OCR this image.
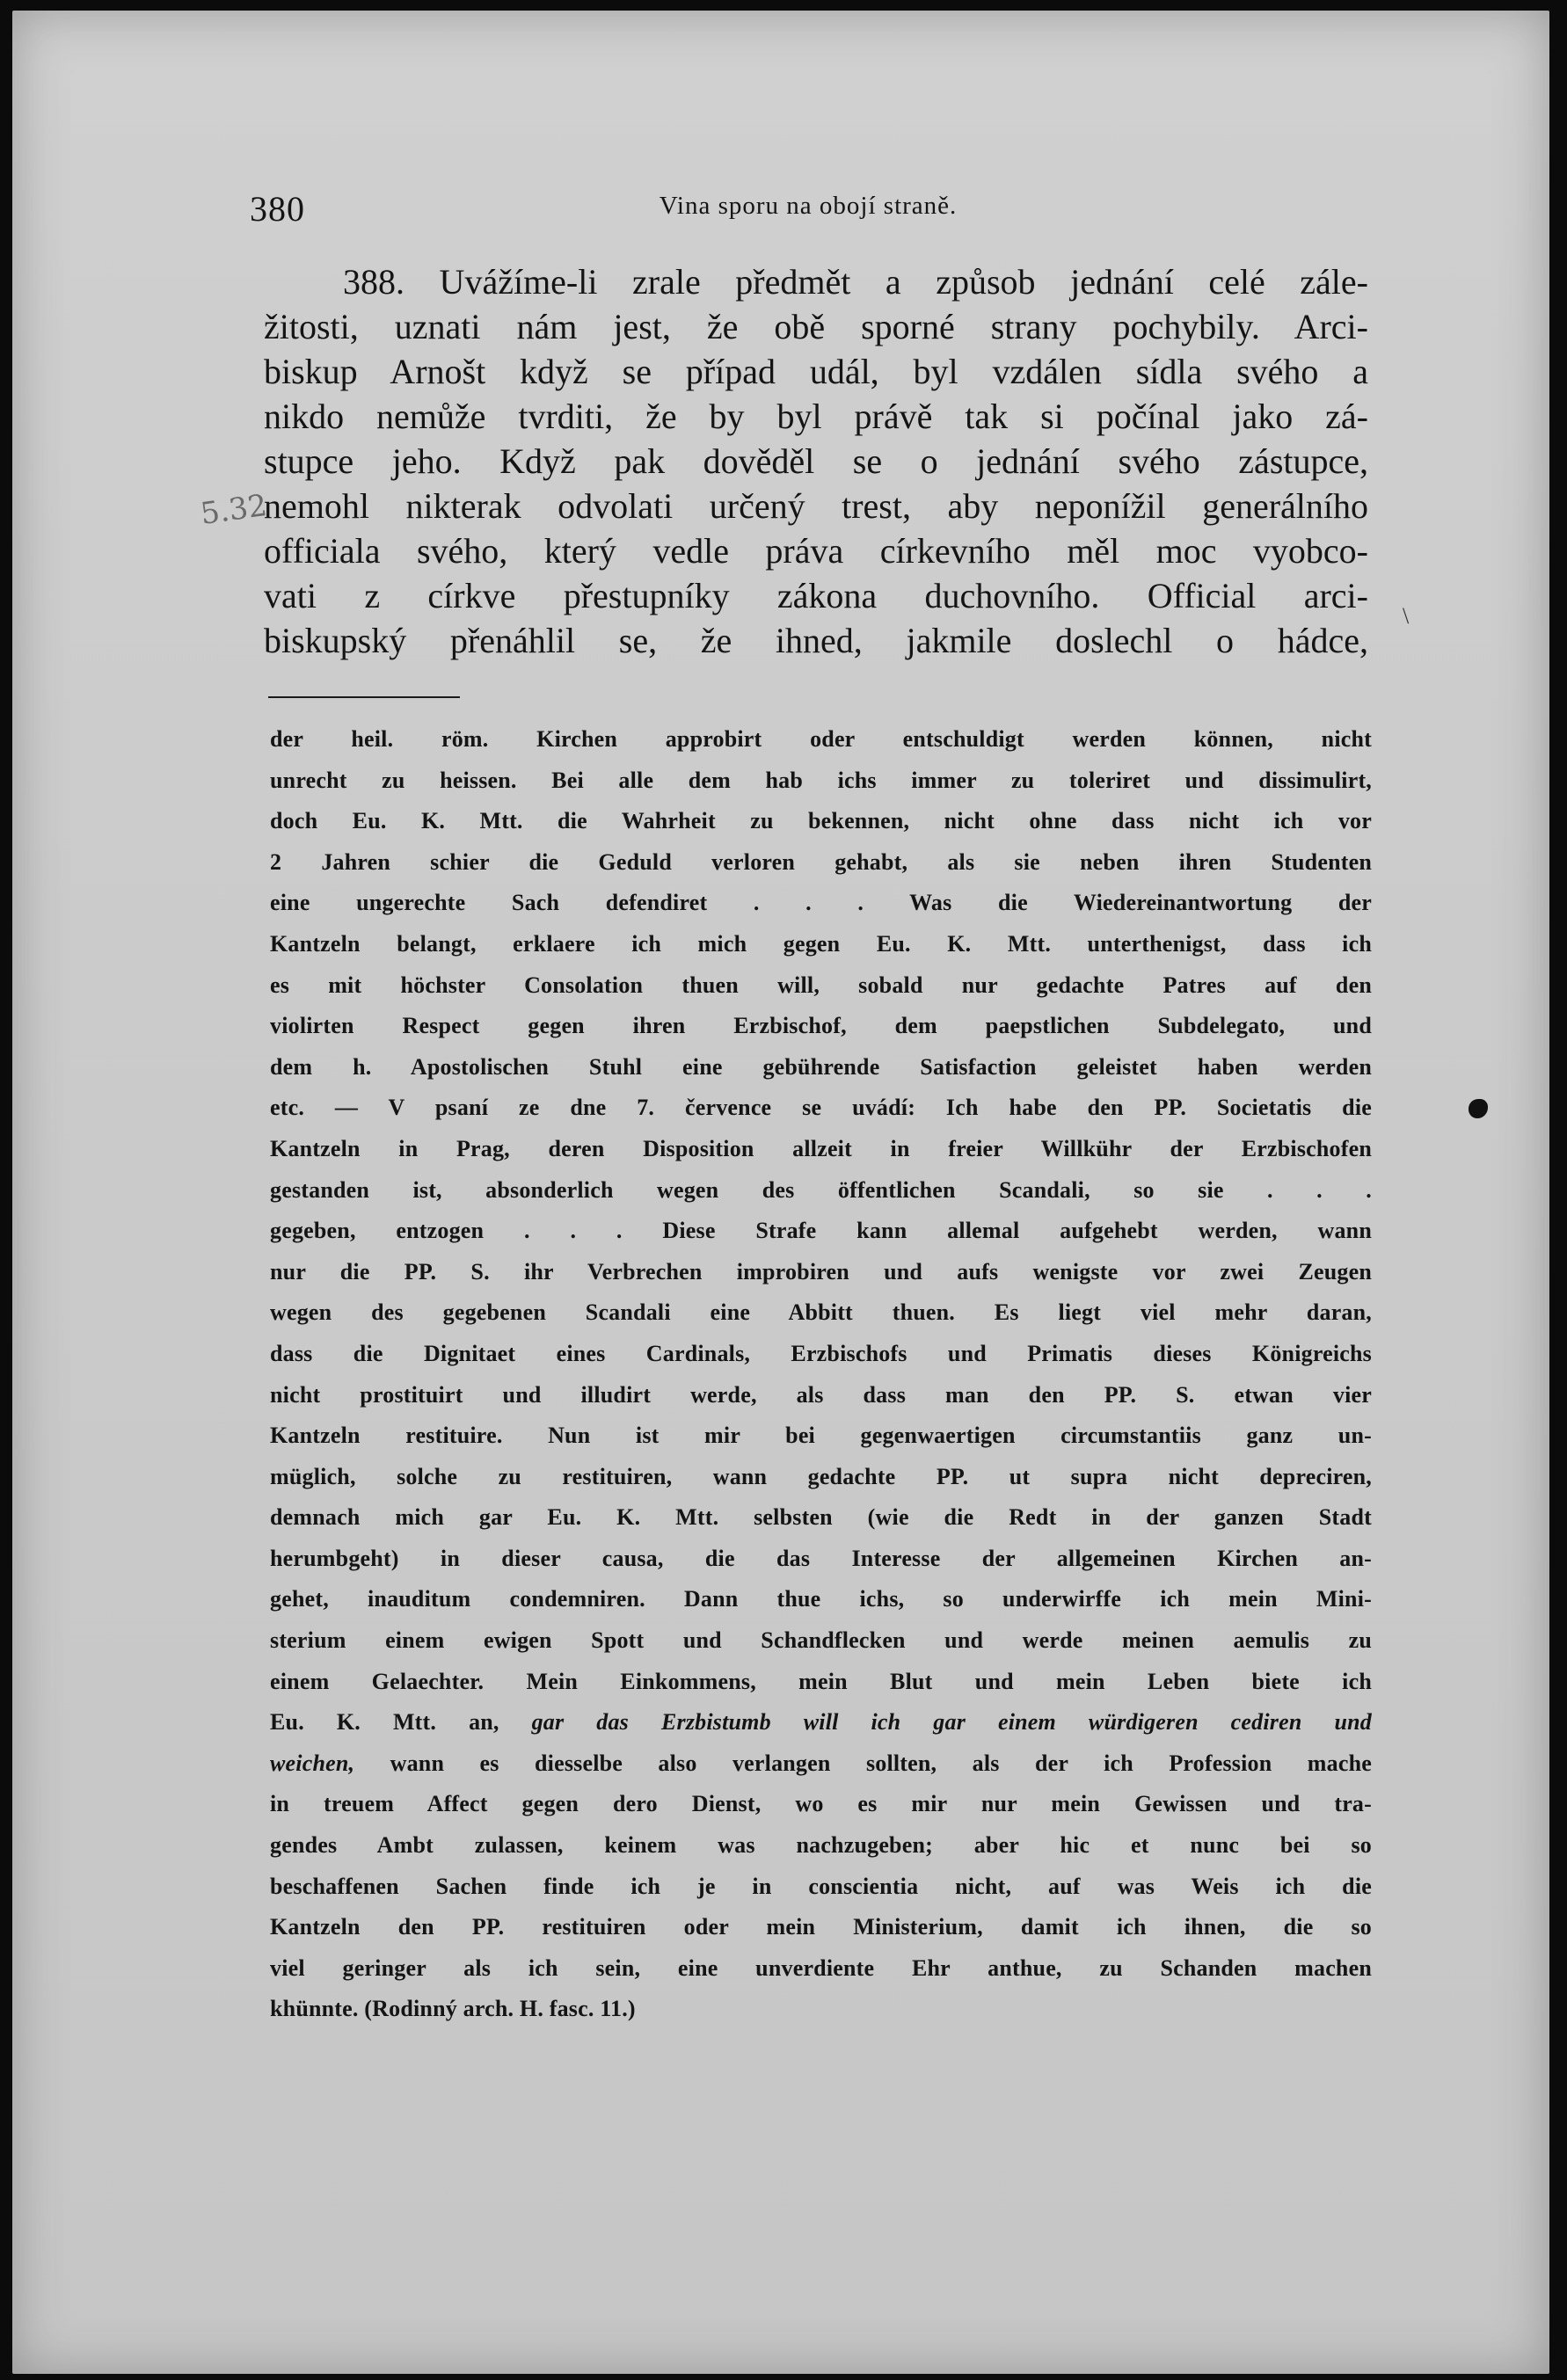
380	Vina sporu na obojí straně.
388. Uvážíme-li zrale předmět a způsob jednání celé zále-
žitosti, uznati nám jest, že obě sporné strany pochybily. Arci-
biskup Arnošt když se případ udál, byl vzdálen sídla svého a
nikdo nemůže tvrditi, že by byl právě tak si počínal jako zá-
stupce jeho. Když pak dověděl se o jednání svého zástupce,
nemohl nikterak odvolati určený trest, aby neponížil generálního
officiala svého, který vedle práva církevního měl moc vyobco-
vati z církve přestupníky zákona duchovního. Official arci-
biskupský přenáhlil se, že ihned, jakmile doslechl o hádce,
der heil. röm. Kirchen approbirt oder entschuldigt werden können, nicht
unrecht zu heissen. Bei alle dem hab ichs immer zu toleriret und dissimulirt,
doch Eu. K. Mtt. die Wahrheit zu bekennen, nicht ohne dass nicht ich vor
2 Jahren schier die Geduld verloren gehabt, als sie neben ihren Studenten
eine ungerechte Sach defendiret . . . Was die Wiedereinantwortung der
Kantzeln belangt, erklaere ich mich gegen Eu. K. Mtt. unterthenigst, dass ich
es mit höchster Consolation thuen will, sobald nur gedachte Patres auf den
violirten Respect gegen ihren Erzbischof, dem paepstlichen Subdelegato, und
dem h. Apostolischen Stuhl eine gebührende Satisfaction geleistet haben werden
etc. — V psaní ze dne 7. července se uvádí: Ich habe den PP. Societatis die
Kantzeln in Prag, deren Disposition allzeit in freier Willkühr der Erzbischofen
gestanden ist, absonderlich wegen des öffentlichen Scandali, so sie . . .
gegeben, entzogen . . . Diese Strafe kann allemal aufgehebt werden, wann
nur die PP. S. ihr Verbrechen improbiren und aufs wenigste vor zwei Zeugen
wegen des gegebenen Scandali eine Abbitt thuen. Es liegt viel mehr daran,
dass die Dignitaet eines Cardinals, Erzbischofs und Primatis dieses Königreichs
nicht prostituirt und illudirt werde, als dass man den PP. S. etwan vier
Kantzeln restituire. Nun ist mir bei gegenwaertigen circumstantiis ganz un-
müglich, solche zu restituiren, wann gedachte PP. ut supra nicht depreciren,
demnach mich gar Eu. K. Mtt. selbsten (wie die Redt in der ganzen Stadt
herumbgeht) in dieser causa, die das Interesse der allgemeinen Kirchen an-
gehet, inauditum condemniren. Dann thue ichs, so underwirffe ich mein Mini-
sterium einem ewigen Spott und Schandflecken und werde meinen aemulis zu
einem Gelaechter. Mein Einkommens, mein Blut und mein Leben biete ich
Eu. K. Mtt. an, gar das Erzbistumb will ich gar einem würdigeren cediren und
weichen, wann es diesselbe also verlangen sollten, als der ich Profession mache
in treuem Affect gegen dero Dienst, wo es mir nur mein Gewissen und tra-
gendes Ambt zulassen, keinem was nachzugeben; aber hic et nunc bei so
beschaffenen Sachen finde ich je in conscientia nicht, auf was Weis ich die
Kantzeln den PP. restituiren oder mein Ministerium, damit ich ihnen, die so
viel geringer als ich sein, eine unverdiente Ehr anthue, zu Schanden machen
khünnte. (Rodinný arch. H. fasc. 11.)
5.32
\
